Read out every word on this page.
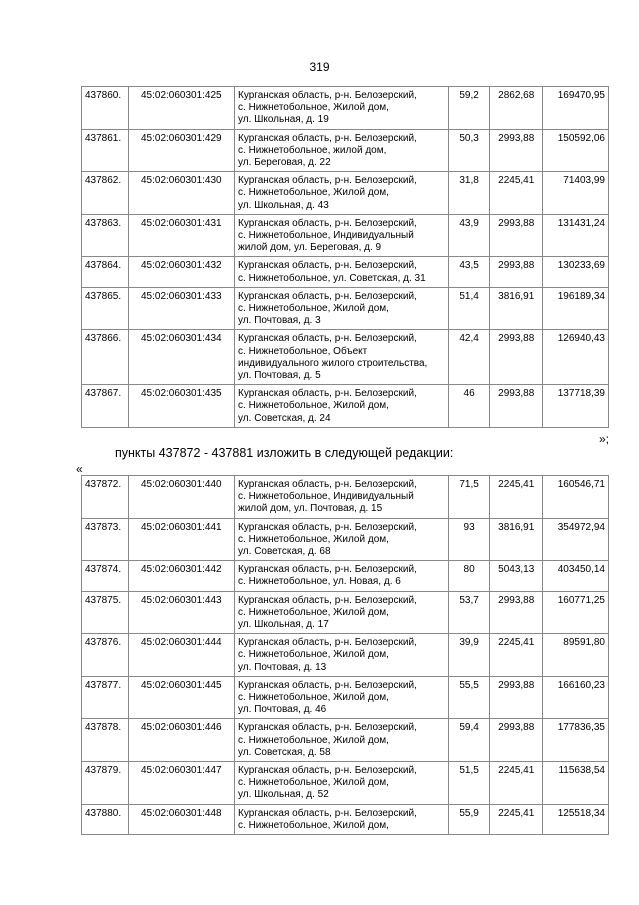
319
437860.	45:02:060301:425	Курганская область, р-н. Белозерский,
с. Нижнетобольное, Жилой дом,
ул. Школьная, д. 19	59,2	2862,68	169470,95
437861.	45:02:060301:429	Курганская область, р-н. Белозерский,
с. Нижнетобольное, жилой дом,
ул. Береговая, д. 22	50,3	2993,88	150592,06
437862.	45:02:060301:430	Курганская область, р-н. Белозерский,
с. Нижнетобольное, Жилой дом,
ул. Школьная, д. 43	31,8	2245,41	71403,99
437863.	45:02:060301:431	Курганская область, р-н. Белозерский,
с. Нижнетобольное, Индивидуальный
жилой дом, ул. Береговая, д. 9	43,9	2993,88	131431,24
437864.	45:02:060301:432	Курганская область, р-н. Белозерский,
с. Нижнетобольное, ул. Советская, д. 31	43,5	2993,88	130233,69
437865.	45:02:060301:433	Курганская область, р-н. Белозерский,
с. Нижнетобольное, Жилой дом,
ул. Почтовая, д. 3	51,4	3816,91	196189,34
437866.	45:02:060301:434	Курганская область, р-н. Белозерский,
с. Нижнетобольное, Объект
индивидуального жилого строительства,
ул. Почтовая, д. 5	42,4	2993,88	126940,43
437867.	45:02:060301:435	Курганская область, р-н. Белозерский,
с. Нижнетобольное, Жилой дом,
ул. Советская, д. 24	46	2993,88	137718,39
»;
пункты 437872 - 437881 изложить в следующей редакции:
«
437872.	45:02:060301:440	Курганская область, р-н. Белозерский,
с. Нижнетобольное, Индивидуальный
жилой дом, ул. Почтовая, д. 15	71,5	2245,41	160546,71
437873.	45:02:060301:441	Курганская область, р-н. Белозерский,
с. Нижнетобольное, Жилой дом,
ул. Советская, д. 68	93	3816,91	354972,94
437874.	45:02:060301:442	Курганская область, р-н. Белозерский,
с. Нижнетобольное, ул. Новая, д. 6	80	5043,13	403450,14
437875.	45:02:060301:443	Курганская область, р-н. Белозерский,
с. Нижнетобольное, Жилой дом,
ул. Школьная, д. 17	53,7	2993,88	160771,25
437876.	45:02:060301:444	Курганская область, р-н. Белозерский,
с. Нижнетобольное, Жилой дом,
ул. Почтовая, д. 13	39,9	2245,41	89591,80
437877.	45:02:060301:445	Курганская область, р-н. Белозерский,
с. Нижнетобольное, Жилой дом,
ул. Почтовая, д. 46	55,5	2993,88	166160,23
437878.	45:02:060301:446	Курганская область, р-н. Белозерский,
с. Нижнетобольное, Жилой дом,
ул. Советская, д. 58	59,4	2993,88	177836,35
437879.	45:02:060301:447	Курганская область, р-н. Белозерский,
с. Нижнетобольное, Жилой дом,
ул. Школьная, д. 52	51,5	2245,41	115638,54
437880.	45:02:060301:448	Курганская область, р-н. Белозерский,
с. Нижнетобольное, Жилой дом,	55,9	2245,41	125518,34
